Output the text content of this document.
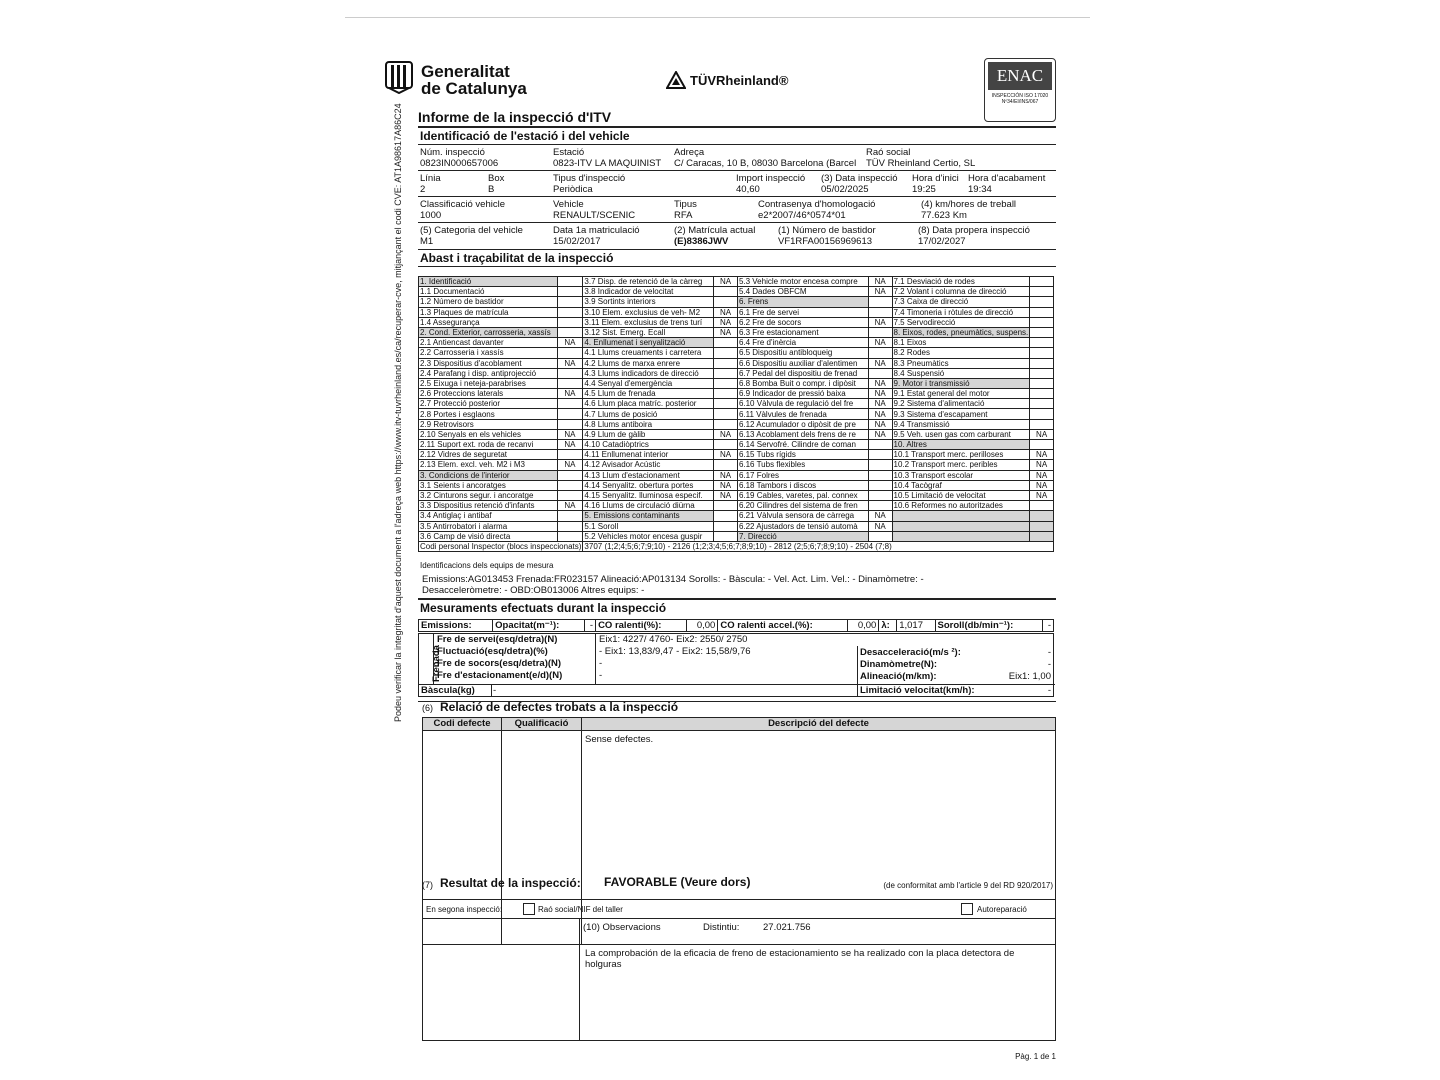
Podeu verificar la integritat d'aquest document a l'adreça web https://www.itv-tuvrheinland.es/ca/recuperar-cve, mitjançant el codi CVE: AT1A98617A86C24
Generalitat
de Catalunya	TÜVRheinland®	ENAC
INSPECCIÓN ISO 17020 Nº34/EI/INS/067
Informe de la inspecció d'ITV
Identificació de l'estació i del vehicle
Núm. inspecció
0823IN000657006
Estació
0823-ITV LA MAQUINIST
Adreça
C/ Caracas, 10 B, 08030 Barcelona (Barcel
Raó social
TÜV Rheinland Certio, SL
Línia
2
Box
B
Tipus d'inspecció
Periòdica
Import inspecció
40,60
(3) Data inspecció
05/02/2025
Hora d'inici
19:25
Hora d'acabament
19:34
Classificació vehicle
1000
Vehicle
RENAULT/SCENIC
Tipus
RFA
Contrasenya d'homologació
e2*2007/46*0574*01
(4) km/hores de treball
77.623 Km
(5) Categoria del vehicle
M1
Data 1a matriculació
15/02/2017
(2) Matrícula actual
(E)8386JWV
(1) Número de bastidor
VF1RFA00156969613
(8) Data propera inspecció
17/02/2027
Abast i traçabilitat de la inspecció
1. Identificació		3.7 Disp. de retenció de la càrreg	NA	5.3 Vehicle motor encesa compre	NA	7.1 Desviació de rodes	
1.1 Documentació		3.8 Indicador de velocitat		5.4 Dades OBFCM	NA	7.2 Volant i columna de direcció	
1.2 Número de bastidor		3.9 Sortints interiors		6. Frens		7.3 Caixa de direcció	
1.3 Plaques de matrícula		3.10 Elem. exclusius de veh- M2	NA	6.1 Fre de servei		7.4 Timoneria i ròtules de direcció	
1.4 Assegurança		3.11 Elem. exclusius de trens turí	NA	6.2 Fre de socors	NA	7.5 Servodirecció	
2. Cond. Exterior, carrosseria, xassís		3.12 Sist. Emerg. Ecall	NA	6.3 Fre estacionament		8. Eixos, rodes, pneumàtics, suspens.	
2.1 Antiencast davanter	NA	4. Enllumenat i senyalització		6.4 Fre d'inèrcia	NA	8.1 Eixos	
2.2 Carrosseria i xassís		4.1 Llums creuaments i carretera		6.5 Dispositiu antibloqueig		8.2 Rodes	
2.3 Dispositius d'acoblament	NA	4.2 Llums de marxa enrere		6.6 Dispositiu auxiliar d'alentimen	NA	8.3 Pneumàtics	
2.4 Parafang i disp. antiprojecció		4.3 Llums indicadors de direcció		6.7 Pedal del dispositiu de frenad		8.4 Suspensió	
2.5 Eixuga i neteja-parabrises		4.4 Senyal d'emergència		6.8 Bomba Buit o compr. i dipòsit	NA	9. Motor i transmissió	
2.6 Proteccions laterals	NA	4.5 Llum de frenada		6.9 Indicador de pressió baixa	NA	9.1 Estat general del motor	
2.7 Protecció posterior		4.6 Llum placa matríc. posterior		6.10 Vàlvula de regulació del fre	NA	9.2 Sistema d'alimentació	
2.8 Portes i esglaons		4.7 Llums de posició		6.11 Vàlvules de frenada	NA	9.3 Sistema d'escapament	
2.9 Retrovisors		4.8 Llums antiboira		6.12 Acumulador o dipòsit de pre	NA	9.4 Transmissió	
2.10 Senyals en els vehicles	NA	4.9 Llum de gàlib	NA	6.13 Acoblament dels frens de re	NA	9.5 Veh. usen gas com carburant	NA
2.11 Suport ext. roda de recanvi	NA	4.10 Catadiòptrics		6.14 Servofré. Cilindre de coman		10. Altres	
2.12 Vidres de seguretat		4.11 Enllumenat interior	NA	6.15 Tubs rígids		10.1 Transport merc. perilloses	NA
2.13 Elem. excl. veh. M2 i M3	NA	4.12 Avisador Acústic		6.16 Tubs flexibles		10.2 Transport merc. peribles	NA
3. Condicions de l'interior		4.13 Llum d'estacionament	NA	6.17 Folres		10.3 Transport escolar	NA
3.1 Seients i ancoratges		4.14 Senyalitz. obertura portes	NA	6.18 Tambors i discos		10.4 Tacògraf	NA
3.2 Cinturons segur. i ancoratge		4.15 Senyalitz. lluminosa especif.	NA	6.19 Cables, varetes, pal. connex		10.5 Limitació de velocitat	NA
3.3 Dispositius retenció d'infants	NA	4.16 Llums de circulació diürna		6.20 Cilindres del sistema de fren		10.6 Reformes no autoritzades	
3.4 Antiglaç i antibaf		5. Emissions contaminants		6.21 Vàlvula sensora de càrrega	NA		
3.5 Antirrobatori i alarma		5.1 Soroll		6.22 Ajustadors de tensió automà	NA		
3.6 Camp de visió directa		5.2 Vehicles motor encesa guspir		7. Direcció			
Codi personal Inspector (blocs inspeccionats)		3707 (1;2;4;5;6;7;9;10) - 2126 (1;2;3;4;5;6;7;8;9;10) - 2812 (2;5;6;7;8;9;10) - 2504 (7;8)					
Identificacions dels equips de mesura
Emissions:AG013453 Frenada:FR023157 Alineació:AP013134 Sorolls: - Bàscula: - Vel. Act. Lim. Vel.: - Dinamòmetre: -
Desacceleròmetre: - OBD:OB013006 Altres equips: -
Mesuraments efectuats durant la inspecció
Emissions:	Opacitat(m⁻¹):	-	CO ralenti(%):	0,00	CO ralenti accel.(%):	0,00	λ:	1,017	Soroll(db/min⁻¹):	-
Frenada
Fre de servei(esq/detra)(N)	Eix1: 4227/ 4760- Eix2: 2550/ 2750
Fluctuació(esq/detra)(%)	- Eix1: 13,83/9,47 - Eix2: 15,58/9,76
Fre de socors(esq/detra)(N)	-
Fre d'estacionament(e/d)(N)	-
Bàscula(kg) -
Desacceleració(m/s ²):	-
Dinamòmetre(N):	-
Alineació(m/km):	Eix1: 1,00
Limitació velocitat(km/h):	-
(6) Relació de defectes trobats a la inspecció
Codi defecte	Qualificació	Descripció del defecte
Sense defectes.
(7) Resultat de la inspecció: FAVORABLE (Veure dors)	(de conformitat amb l'article 9 del RD 920/2017)
En segona inspecció:	Raó social/NIF del taller	Autoreparació
(10) Observacions	Distintiu: 27.021.756
La comprobación de la eficacia de freno de estacionamiento se ha realizado con la placa detectora de holguras
Pàg. 1 de 1
